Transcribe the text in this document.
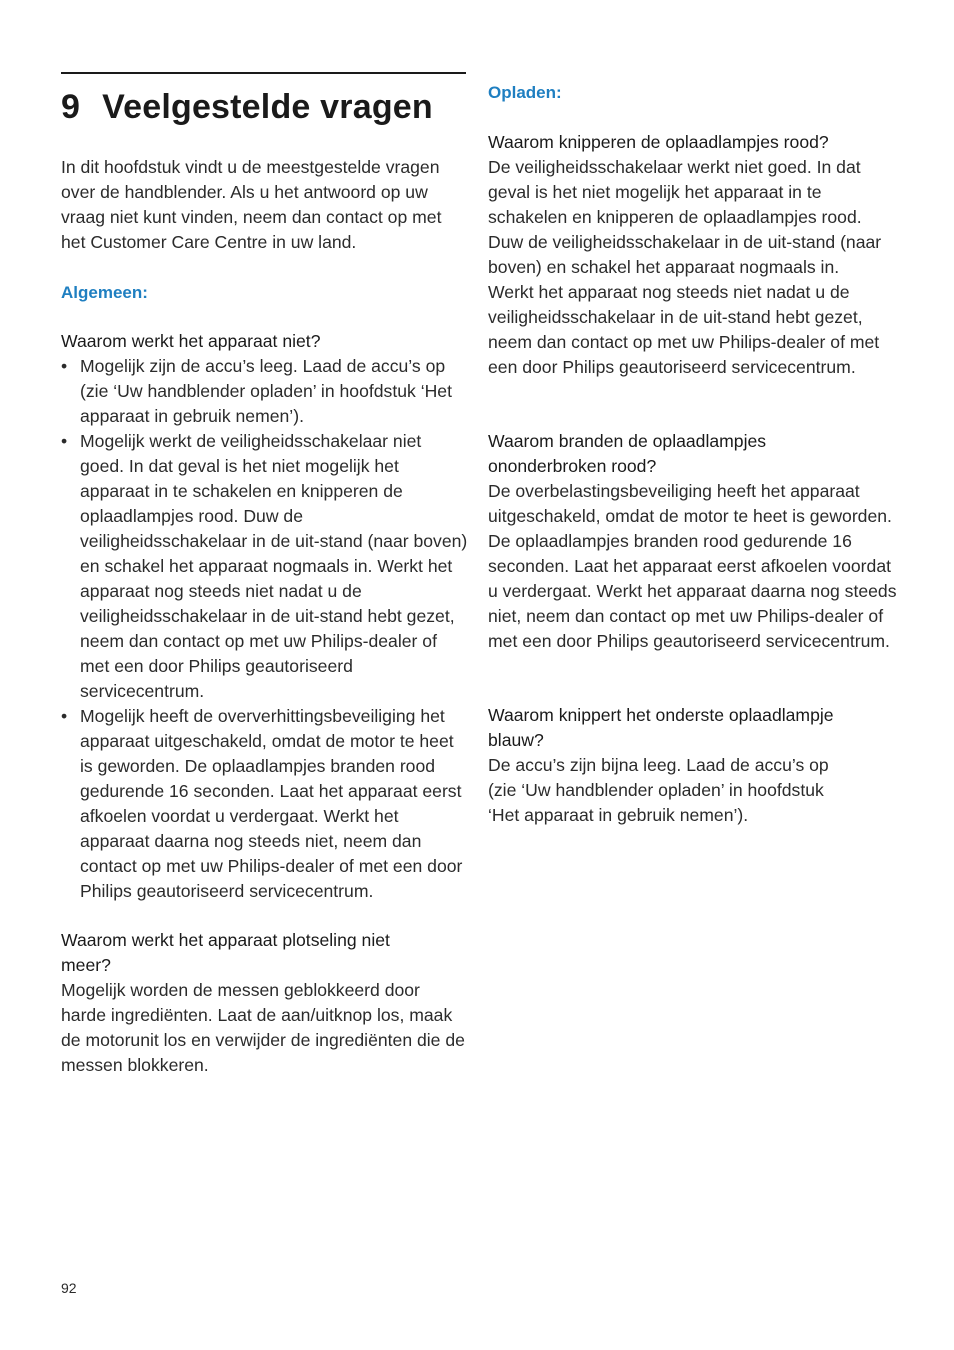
9 Veelgestelde vragen

In dit hoofdstuk vindt u de meestgestelde vragen over de handblender. Als u het antwoord op uw vraag niet kunt vinden, neem dan contact op met het Customer Care Centre in uw land.

Algemeen:

Waarom werkt het apparaat niet?

• Mogelijk zijn de accu’s leeg. Laad de accu’s op (zie ‘Uw handblender opladen’ in hoofdstuk ‘Het apparaat in gebruik nemen’).
• Mogelijk werkt de veiligheidsschakelaar niet goed. In dat geval is het niet mogelijk het apparaat in te schakelen en knipperen de oplaadlampjes rood. Duw de veiligheidsschakelaar in de uit-stand (naar boven) en schakel het apparaat nogmaals in. Werkt het apparaat nog steeds niet nadat u de veiligheidsschakelaar in de uit-stand hebt gezet, neem dan contact op met uw Philips-dealer of met een door Philips geautoriseerd servicecentrum.
• Mogelijk heeft de oververhittingsbeveiliging het apparaat uitgeschakeld, omdat de motor te heet is geworden. De oplaadlampjes branden rood gedurende 16 seconden. Laat het apparaat eerst afkoelen voordat u verdergaat. Werkt het apparaat daarna nog steeds niet, neem dan contact op met uw Philips-dealer of met een door Philips geautoriseerd servicecentrum.

Waarom werkt het apparaat plotseling niet meer?

Mogelijk worden de messen geblokkeerd door harde ingrediënten. Laat de aan/uitknop los, maak de motorunit los en verwijder de ingrediënten die de messen blokkeren.

Opladen:

Waarom knipperen de oplaadlampjes rood?

De veiligheidsschakelaar werkt niet goed. In dat geval is het niet mogelijk het apparaat in te schakelen en knipperen de oplaadlampjes rood. Duw de veiligheidsschakelaar in de uit-stand (naar boven) en schakel het apparaat nogmaals in. Werkt het apparaat nog steeds niet nadat u de veiligheidsschakelaar in de uit-stand hebt gezet, neem dan contact op met uw Philips-dealer of met een door Philips geautoriseerd servicecentrum.

Waarom branden de oplaadlampjes ononderbroken rood?

De overbelastingsbeveiliging heeft het apparaat uitgeschakeld, omdat de motor te heet is geworden. De oplaadlampjes branden rood gedurende 16 seconden. Laat het apparaat eerst afkoelen voordat u verdergaat. Werkt het apparaat daarna nog steeds niet, neem dan contact op met uw Philips-dealer of met een door Philips geautoriseerd servicecentrum.

Waarom knippert het onderste oplaadlampje blauw?

De accu’s zijn bijna leeg. Laad de accu’s op (zie ‘Uw handblender opladen’ in hoofdstuk ‘Het apparaat in gebruik nemen’).

92
